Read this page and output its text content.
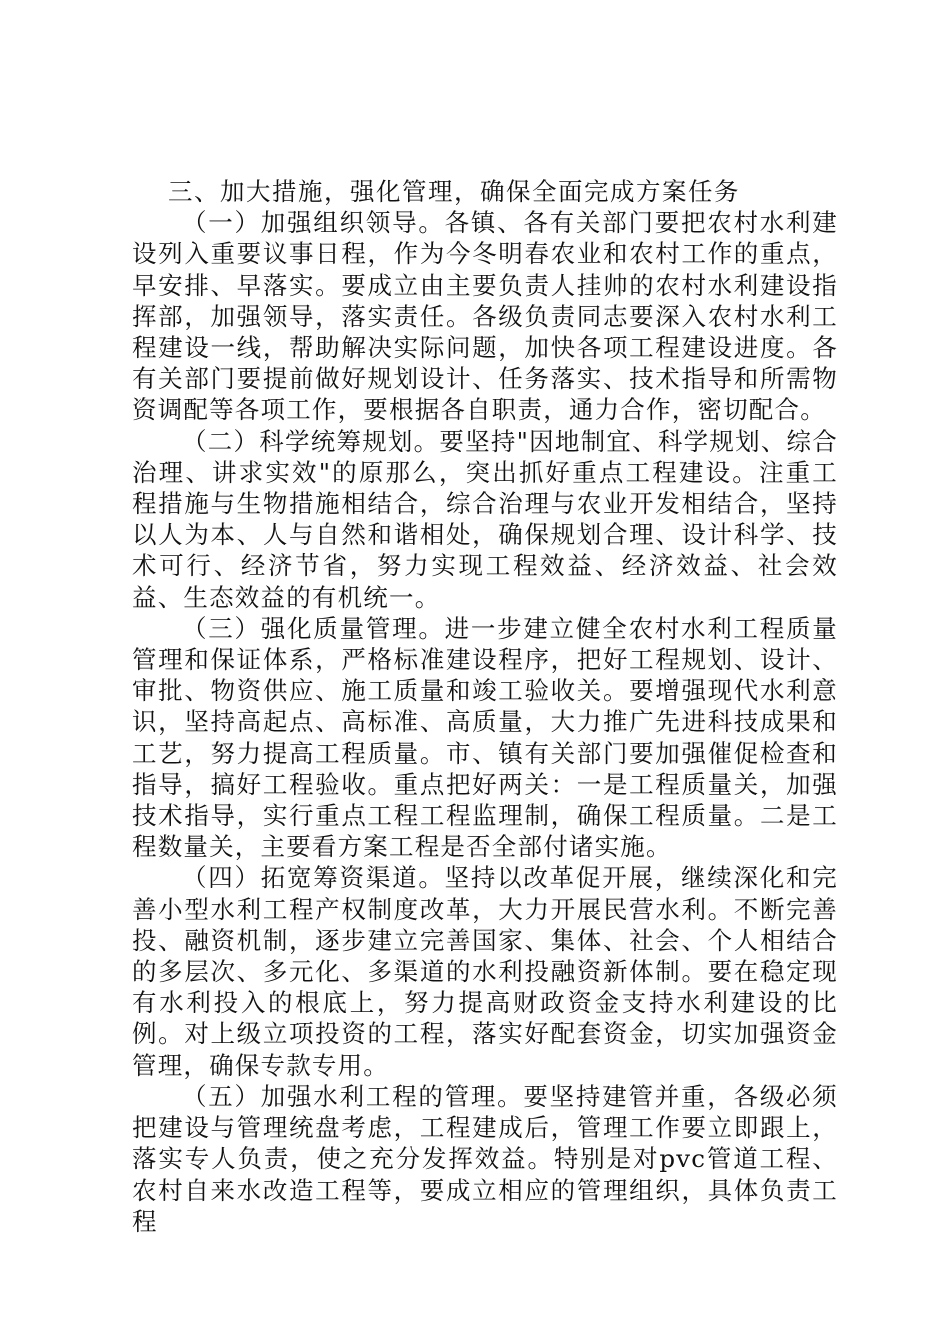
三、加大措施，强化管理，确保全面完成方案任务

（一）加强组织领导。各镇、各有关部门要把农村水利建设列入重要议事日程，作为今冬明春农业和农村工作的重点，早安排、早落实。要成立由主要负责人挂帅的农村水利建设指挥部，加强领导，落实责任。各级负责同志要深入农村水利工程建设一线，帮助解决实际问题，加快各项工程建设进度。各有关部门要提前做好规划设计、任务落实、技术指导和所需物资调配等各项工作，要根据各自职责，通力合作，密切配合。

（二）科学统筹规划。要坚持"因地制宜、科学规划、综合治理、讲求实效"的原那么，突出抓好重点工程建设。注重工程措施与生物措施相结合，综合治理与农业开发相结合，坚持以人为本、人与自然和谐相处，确保规划合理、设计科学、技术可行、经济节省，努力实现工程效益、经济效益、社会效益、生态效益的有机统一。

（三）强化质量管理。进一步建立健全农村水利工程质量管理和保证体系，严格标准建设程序，把好工程规划、设计、审批、物资供应、施工质量和竣工验收关。要增强现代水利意识，坚持高起点、高标准、高质量，大力推广先进科技成果和工艺，努力提高工程质量。市、镇有关部门要加强催促检查和指导，搞好工程验收。重点把好两关：一是工程质量关，加强技术指导，实行重点工程工程监理制，确保工程质量。二是工程数量关，主要看方案工程是否全部付诸实施。

（四）拓宽筹资渠道。坚持以改革促开展，继续深化和完善小型水利工程产权制度改革，大力开展民营水利。不断完善投、融资机制，逐步建立完善国家、集体、社会、个人相结合的多层次、多元化、多渠道的水利投融资新体制。要在稳定现有水利投入的根底上，努力提高财政资金支持水利建设的比例。对上级立项投资的工程，落实好配套资金，切实加强资金管理，确保专款专用。

（五）加强水利工程的管理。要坚持建管并重，各级必须把建设与管理统盘考虑，工程建成后，管理工作要立即跟上，落实专人负责，使之充分发挥效益。特别是对pvc管道工程、农村自来水改造工程等，要成立相应的管理组织，具体负责工程
